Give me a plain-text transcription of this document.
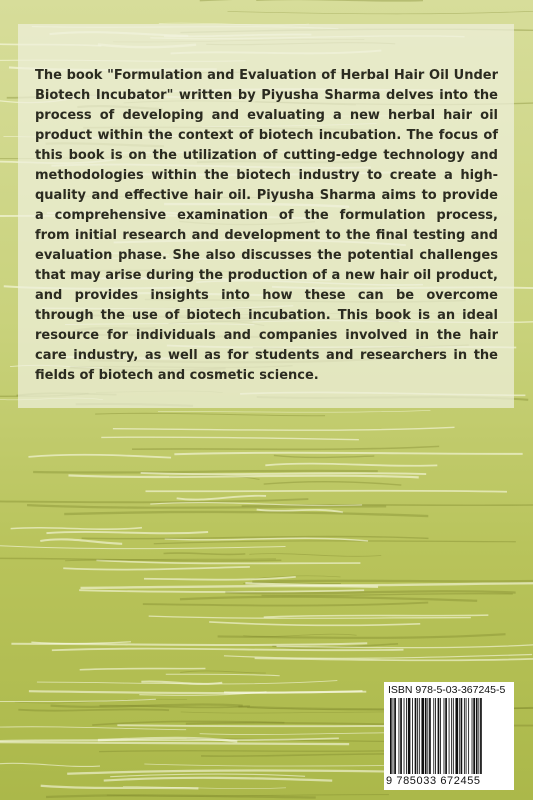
The book "Formulation and Evaluation of Herbal Hair Oil Under Biotech Incubator" written by Piyusha Sharma delves into the process of developing and evaluating a new herbal hair oil product within the context of biotech incubation. The focus of this book is on the utilization of cutting-edge technology and methodologies within the biotech industry to create a high-quality and effective hair oil. Piyusha Sharma aims to provide a comprehensive examination of the formulation process, from initial research and development to the final testing and evaluation phase. She also discusses the potential challenges that may arise during the production of a new hair oil product, and provides insights into how these can be overcome through the use of biotech incubation. This book is an ideal resource for individuals and companies involved in the hair care industry, as well as for students and researchers in the fields of biotech and cosmetic science.

ISBN 978-5-03-367245-5
9 785033 672455
